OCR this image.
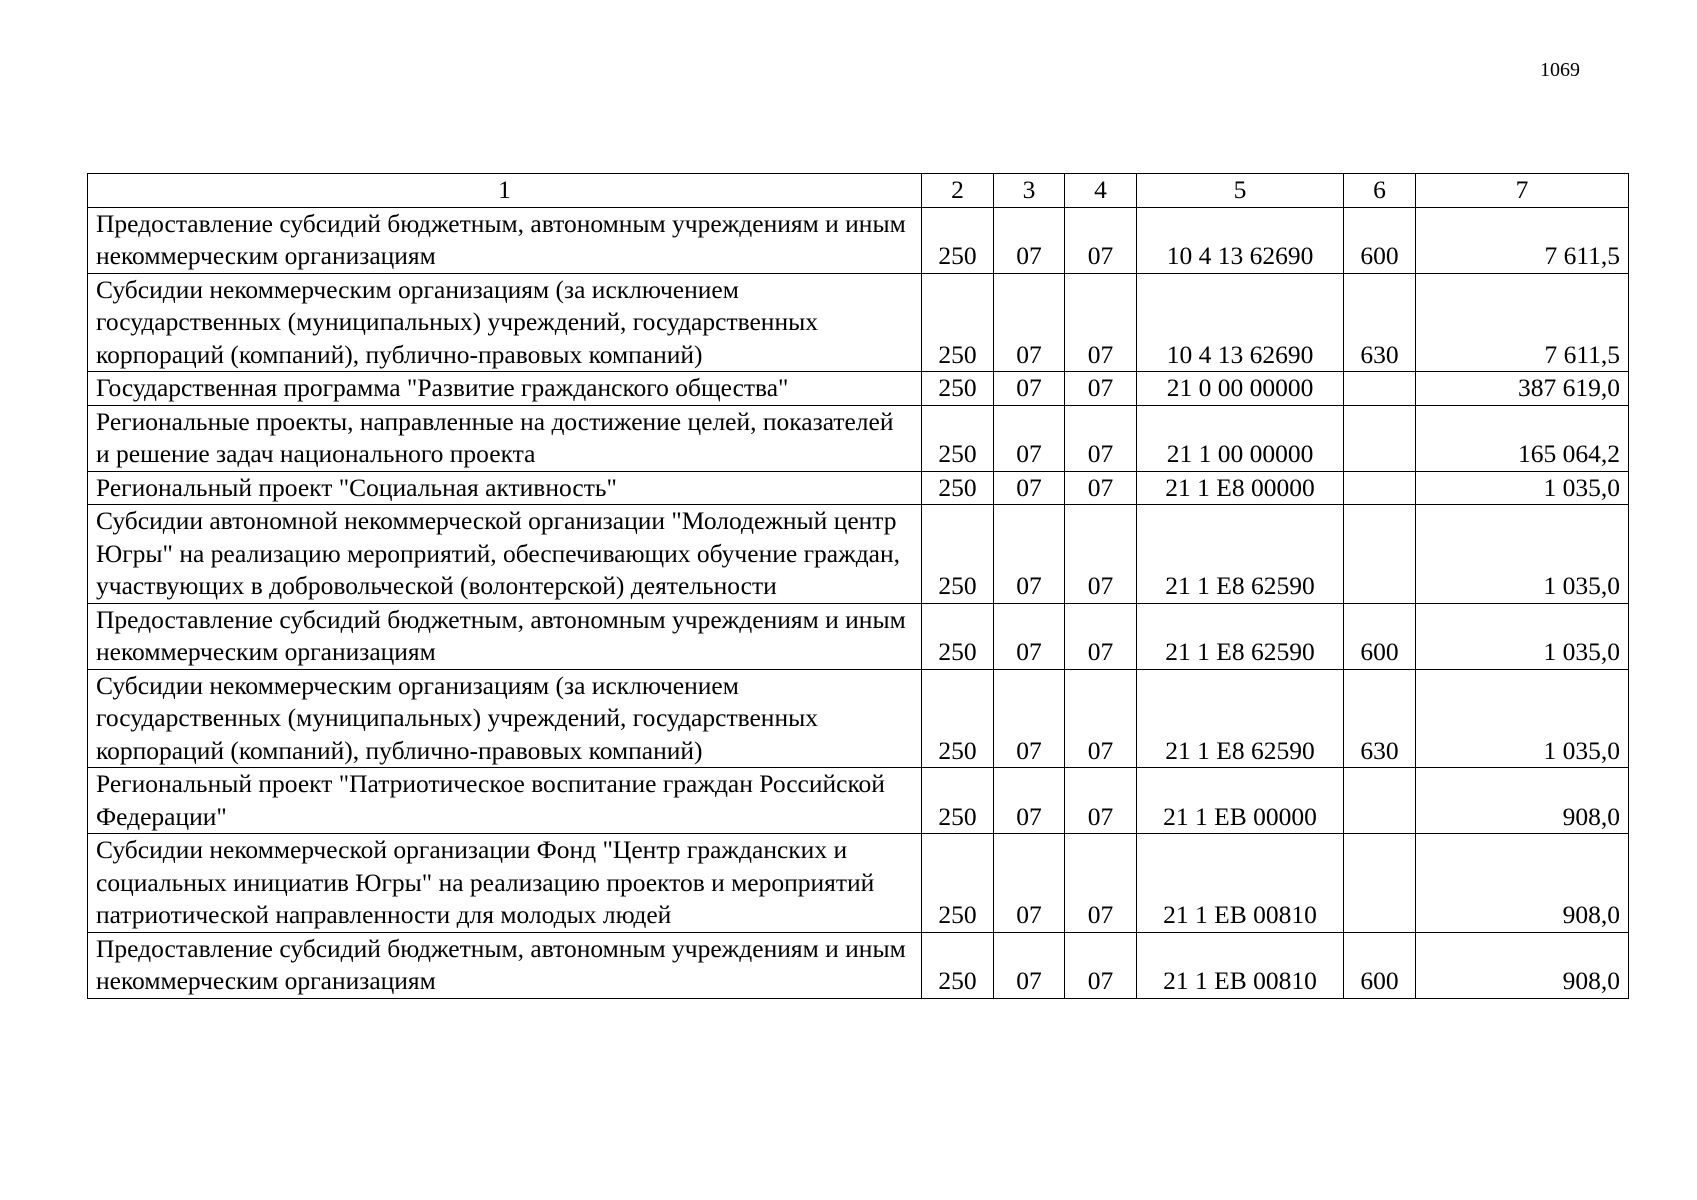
1069
1	2	3	4	5	6	7
Предоставление субсидий бюджетным, автономным учреждениям и иным некоммерческим организациям	250	07	07	10 4 13 62690	600	7 611,5
Субсидии некоммерческим организациям (за исключением государственных (муниципальных) учреждений, государственных корпораций (компаний), публично-правовых компаний)	250	07	07	10 4 13 62690	630	7 611,5
Государственная программа "Развитие гражданского общества"	250	07	07	21 0 00 00000		387 619,0
Региональные проекты, направленные на достижение целей, показателей и решение задач национального проекта	250	07	07	21 1 00 00000		165 064,2
Региональный проект "Социальная активность"	250	07	07	21 1 E8 00000		1 035,0
Субсидии автономной некоммерческой организации "Молодежный центр Югры" на реализацию мероприятий, обеспечивающих обучение граждан, участвующих в добровольческой (волонтерской) деятельности	250	07	07	21 1 E8 62590		1 035,0
Предоставление субсидий бюджетным, автономным учреждениям и иным некоммерческим организациям	250	07	07	21 1 E8 62590	600	1 035,0
Субсидии некоммерческим организациям (за исключением государственных (муниципальных) учреждений, государственных корпораций (компаний), публично-правовых компаний)	250	07	07	21 1 E8 62590	630	1 035,0
Региональный проект "Патриотическое воспитание граждан Российской Федерации"	250	07	07	21 1 EB 00000		908,0
Субсидии некоммерческой организации Фонд "Центр гражданских и социальных инициатив Югры" на реализацию проектов и мероприятий патриотической направленности для молодых людей	250	07	07	21 1 EB 00810		908,0
Предоставление субсидий бюджетным, автономным учреждениям и иным некоммерческим организациям	250	07	07	21 1 EB 00810	600	908,0
